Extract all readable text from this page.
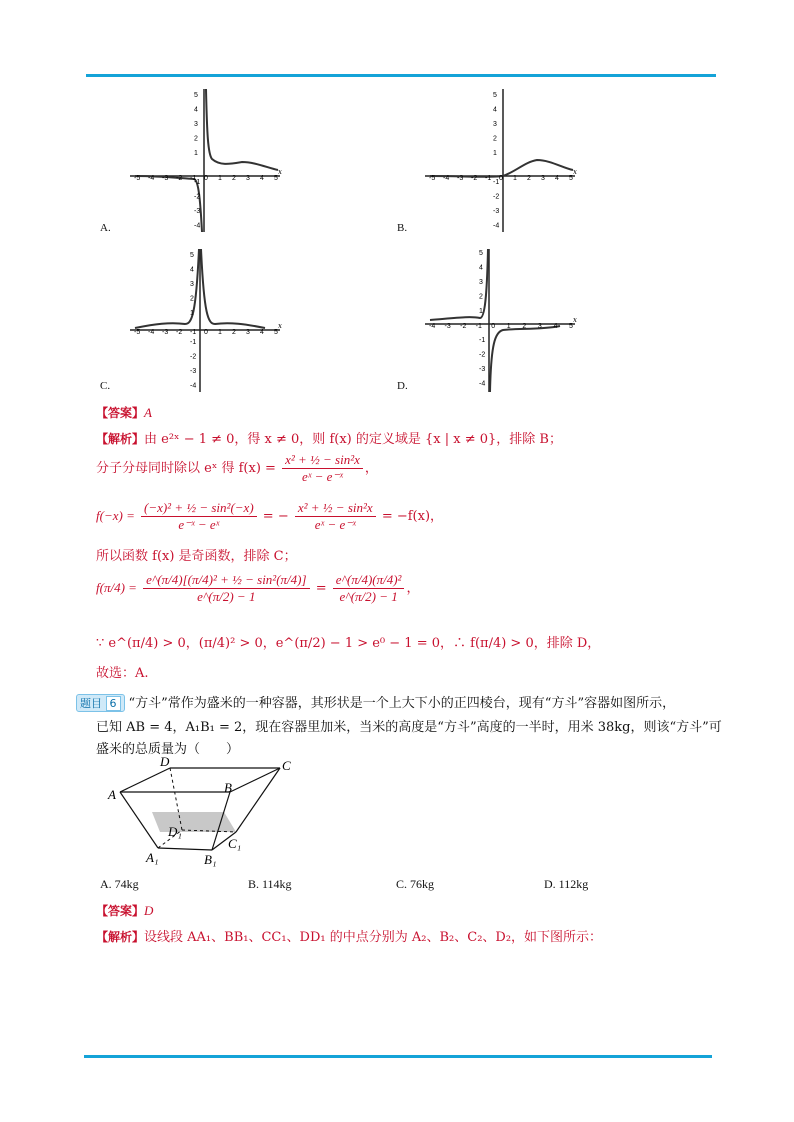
-5 -4 -3 -2 -1 0 1 2 3 4 5
x
5
4
3
2
1
-1
-2
-3
-4
A.
-5 -4 -3 -2 -1 0 1 2 3 4 5
x
5
4
3
2
1
-1
-2
-3
-4
B.
-5 -4 -3 -2 -1 0 1 2 3 4 5
x
5
4
3
2
1
-1
-2
-3
-4
C.
-4 -3 -2 -1 0 1 2 3 4 5
x
5
4
3
2
1
-1
-2
-3
-4
D.
【答案】A
【解析】由 e²ˣ − 1 ≠ 0，得 x ≠ 0，则 f(x) 的定义域是 {x | x ≠ 0}，排除 B；
分子分母同时除以 eˣ 得 $f(x) = \frac{\text{x² + ½ − sin²x}}{\text{eˣ − e⁻ˣ}}$ ，
$f(-x) = \frac{\text{(−x)² + ½ − sin²(−x)}}{\text{e⁻ˣ − eˣ}}$ = − $\frac{\text{x² + ½ − sin²x}}{\text{eˣ − e⁻ˣ}} = -f(x)$，
所以函数 f(x) 是奇函数，排除 C；
$f(\pi/4) = \frac{\text{e\textasciicircum{}(π/4)[(π/4)² + ½ − sin²(π/4)]}}{e\^{}(\pi/2) - 1} = \frac{\text{e\textasciicircum{}(π/4)(π/4)²}}{e\^{}(\pi/2) - 1}$ ，
∵ e^(π/4) > 0，(π/4)² > 0，e^(π/2) − 1 > e⁰ − 1 = 0，∴ f(π/4) > 0，排除 D，
故选：A.
题目 6 “方斗”常作为盛米的一种容器，其形状是一个上大下小的正四棱台，现有“方斗”容器如图所示，
已知 AB = 4，A₁B₁ = 2，现在容器里加米，当米的高度是“方斗”高度的一半时，用米 38kg，则该“方斗”可
盛米的总质量为（　　）
A	B
C
D
A₁	B₁
C₁
D₁
A. 74kg	B. 114kg	C. 76kg	D. 112kg
【答案】D
【解析】设线段 AA₁、BB₁、CC₁、DD₁ 的中点分别为 A₂、B₂、C₂、D₂，如下图所示：
